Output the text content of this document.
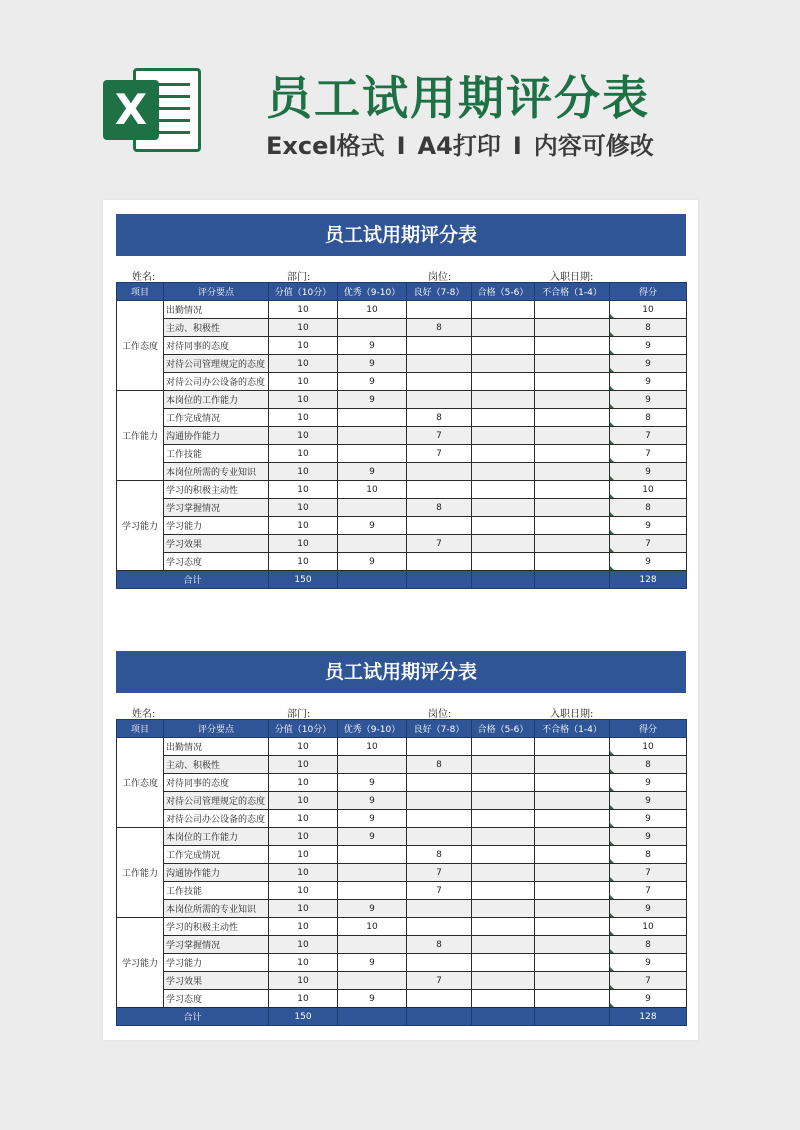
X	员工试用期评分表
Excel格式 I A4打印 I 内容可修改
员工试用期评分表
姓名:	部门:	岗位:	入职日期:
项目	评分要点	分值（10分）	优秀（9-10）	良好（7-8）	合格（5-6）	不合格（1-4）	得分
工作态度	出勤情况	10	10				10
	主动、积极性	10		8			8
	对待同事的态度	10	9				9
	对待公司管理规定的态度	10	9				9
	对待公司办公设备的态度	10	9				9
工作能力	本岗位的工作能力	10	9				9
	工作完成情况	10		8			8
	沟通协作能力	10		7			7
	工作技能	10		7			7
	本岗位所需的专业知识	10	9				9
学习能力	学习的积极主动性	10	10				10
	学习掌握情况	10		8			8
	学习能力	10	9				9
	学习效果	10		7			7
	学习态度	10	9				9
合计		150					128
员工试用期评分表
姓名:	部门:	岗位:	入职日期:
项目	评分要点	分值（10分）	优秀（9-10）	良好（7-8）	合格（5-6）	不合格（1-4）	得分
工作态度	出勤情况	10	10				10
	主动、积极性	10		8			8
	对待同事的态度	10	9				9
	对待公司管理规定的态度	10	9				9
	对待公司办公设备的态度	10	9				9
工作能力	本岗位的工作能力	10	9				9
	工作完成情况	10		8			8
	沟通协作能力	10		7			7
	工作技能	10		7			7
	本岗位所需的专业知识	10	9				9
学习能力	学习的积极主动性	10	10				10
	学习掌握情况	10		8			8
	学习能力	10	9				9
	学习效果	10		7			7
	学习态度	10	9				9
合计		150					128
